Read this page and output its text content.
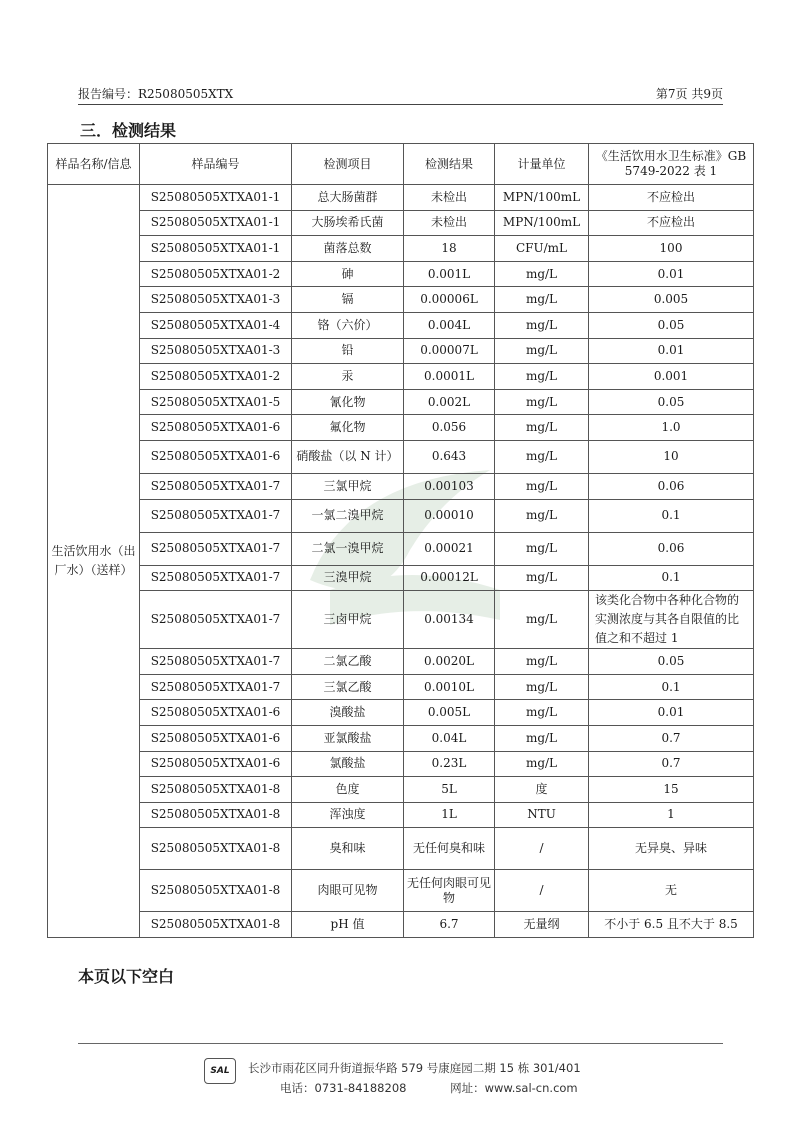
报告编号：R25080505XTX	第7页 共9页
三．检测结果
样品名称/信息	样品编号	检测项目	检测结果	计量单位	《生活饮用水卫生标准》GB 5749-2022 表 1
生活饮用水（出厂水）（送样）	S25080505XTXA01-1	总大肠菌群	未检出	MPN/100mL	不应检出
	S25080505XTXA01-1	大肠埃希氏菌	未检出	MPN/100mL	不应检出
	S25080505XTXA01-1	菌落总数	18	CFU/mL	100
	S25080505XTXA01-2	砷	0.001L	mg/L	0.01
	S25080505XTXA01-3	镉	0.00006L	mg/L	0.005
	S25080505XTXA01-4	铬（六价）	0.004L	mg/L	0.05
	S25080505XTXA01-3	铅	0.00007L	mg/L	0.01
	S25080505XTXA01-2	汞	0.0001L	mg/L	0.001
	S25080505XTXA01-5	氰化物	0.002L	mg/L	0.05
	S25080505XTXA01-6	氟化物	0.056	mg/L	1.0
	S25080505XTXA01-6	硝酸盐（以 N 计）	0.643	mg/L	10
	S25080505XTXA01-7	三氯甲烷	0.00103	mg/L	0.06
	S25080505XTXA01-7	一氯二溴甲烷	0.00010	mg/L	0.1
	S25080505XTXA01-7	二氯一溴甲烷	0.00021	mg/L	0.06
	S25080505XTXA01-7	三溴甲烷	0.00012L	mg/L	0.1
	S25080505XTXA01-7	三卤甲烷	0.00134	mg/L	该类化合物中各种化合物的实测浓度与其各自限值的比值之和不超过 1
	S25080505XTXA01-7	二氯乙酸	0.0020L	mg/L	0.05
	S25080505XTXA01-7	三氯乙酸	0.0010L	mg/L	0.1
	S25080505XTXA01-6	溴酸盐	0.005L	mg/L	0.01
	S25080505XTXA01-6	亚氯酸盐	0.04L	mg/L	0.7
	S25080505XTXA01-6	氯酸盐	0.23L	mg/L	0.7
	S25080505XTXA01-8	色度	5L	度	15
	S25080505XTXA01-8	浑浊度	1L	NTU	1
	S25080505XTXA01-8	臭和味	无任何臭和味	/	无异臭、异味
	S25080505XTXA01-8	肉眼可见物	无任何肉眼可见物	/	无
	S25080505XTXA01-8	pH 值	6.7	无量纲	不小于 6.5 且不大于 8.5
本页以下空白
SAL	长沙市雨花区同升街道振华路 579 号康庭园二期 15 栋 301/401
电话：0731-84188208	网址：www.sal-cn.com
